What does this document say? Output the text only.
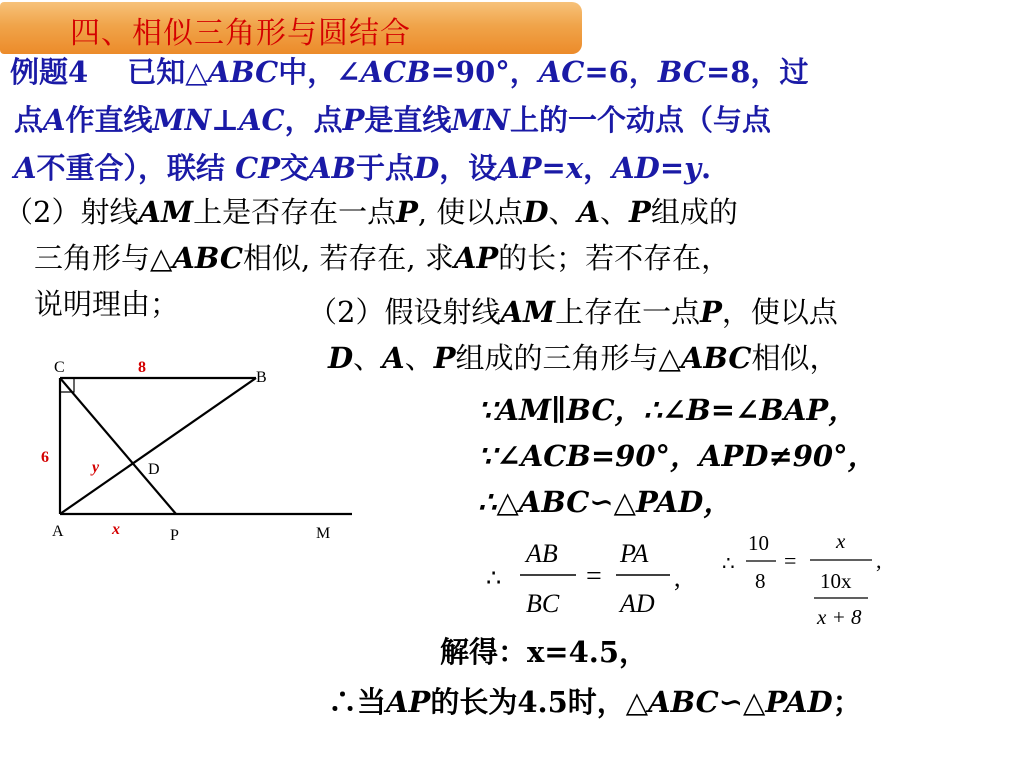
四、相似三角形与圆结合
例题4　 已知△ABC中，∠ACB=90°，AC=6，BC=8，过
点A作直线MN⊥AC，点P是直线MN上的一个动点（与点
A不重合），联结 CP交AB于点D，设AP=x，AD=y.
（2）射线AM上是否存在一点P, 使以点D、A、P组成的
三角形与△ABC相似, 若存在, 求AP的长；若不存在，
说明理由；	（2）假设射线AM上存在一点P，使以点
D、A、P组成的三角形与△ABC相似，
∵AM∥BC，∴∠B=∠BAP，
∵∠ACB=90°，APD≠90°，
∴△ABC∽△PAD，
∴
AB
BC
=
PA
AD
, ∴
10
8
=
x
10x
x + 8
,
解得：x=4.5，
∴当AP的长为4.5时，△ABC∽△PAD；
C	8
B
6
y	D
A	x	P	M
